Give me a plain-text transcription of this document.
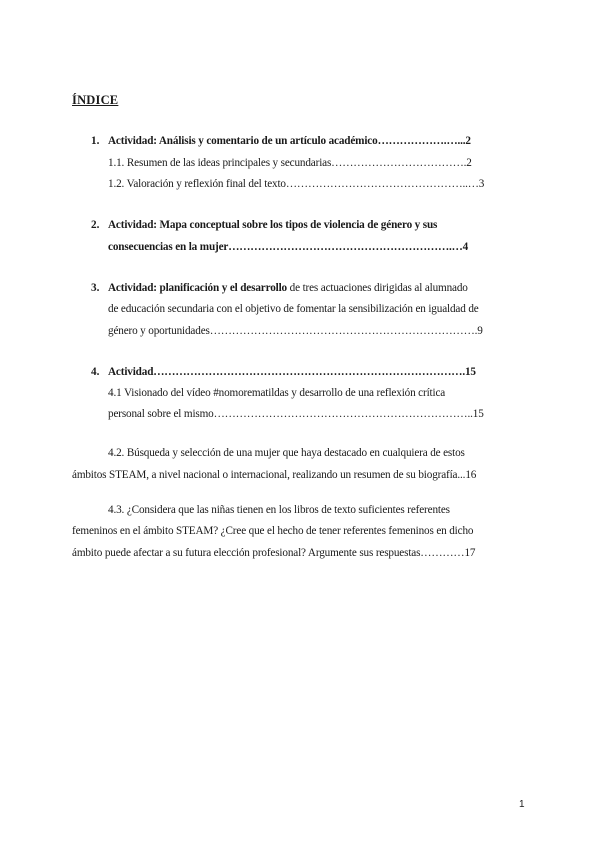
ÍNDICE
1. Actividad: Análisis y comentario de un artículo académico……………….…...2
1.1. Resumen de las ideas principales y secundarias……………………………….2
1.2. Valoración y reflexión final del texto…………………………………………..…3
2. Actividad: Mapa conceptual sobre los tipos de violencia de género y sus
consecuencias en la mujer…………………………………………………….…4
3. Actividad: planificación y el desarrollo de tres actuaciones dirigidas al alumnado
de educación secundaria con el objetivo de fomentar la sensibilización en igualdad de
género y oportunidades……………………………………………………………….9
4. Actividad………………………………………………………………………….15
4.1 Visionado del vídeo #nomorematildas y desarrollo de una reflexión crítica
personal sobre el mismo……………………………………………………………..15
4.2. Búsqueda y selección de una mujer que haya destacado en cualquiera de estos
ámbitos STEAM, a nivel nacional o internacional, realizando un resumen de su biografía...16
4.3. ¿Considera que las niñas tienen en los libros de texto suficientes referentes
femeninos en el ámbito STEAM? ¿Cree que el hecho de tener referentes femeninos en dicho
ámbito puede afectar a su futura elección profesional? Argumente sus respuestas…………17
1
